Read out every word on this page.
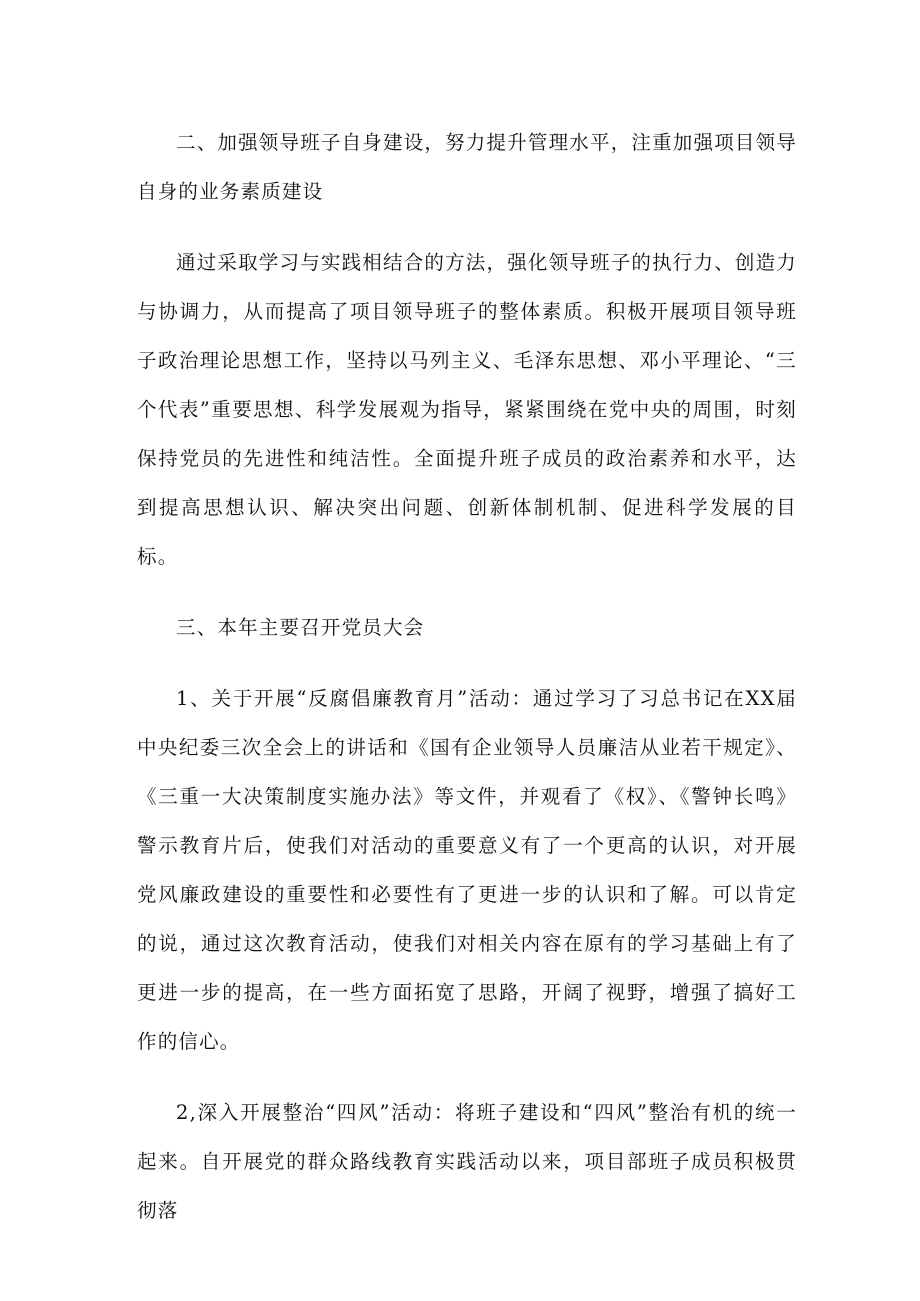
二、加强领导班子自身建设，努力提升管理水平，注重加强项目领导自身的业务素质建设

通过采取学习与实践相结合的方法，强化领导班子的执行力、创造力与协调力，从而提高了项目领导班子的整体素质。积极开展项目领导班子政治理论思想工作，坚持以马列主义、毛泽东思想、邓小平理论、“三个代表”重要思想、科学发展观为指导，紧紧围绕在党中央的周围，时刻保持党员的先进性和纯洁性。全面提升班子成员的政治素养和水平，达到提高思想认识、解决突出问题、创新体制机制、促进科学发展的目标。

三、本年主要召开党员大会

1、关于开展“反腐倡廉教育月”活动：通过学习了习总书记在XX届中央纪委三次全会上的讲话和《国有企业领导人员廉洁从业若干规定》、《三重一大决策制度实施办法》等文件，并观看了《权》、《警钟长鸣》警示教育片后，使我们对活动的重要意义有了一个更高的认识，对开展党风廉政建设的重要性和必要性有了更进一步的认识和了解。可以肯定的说，通过这次教育活动，使我们对相关内容在原有的学习基础上有了更进一步的提高，在一些方面拓宽了思路，开阔了视野，增强了搞好工作的信心。

2,深入开展整治“四风”活动：将班子建设和“四风”整治有机的统一起来。自开展党的群众路线教育实践活动以来，项目部班子成员积极贯彻落
